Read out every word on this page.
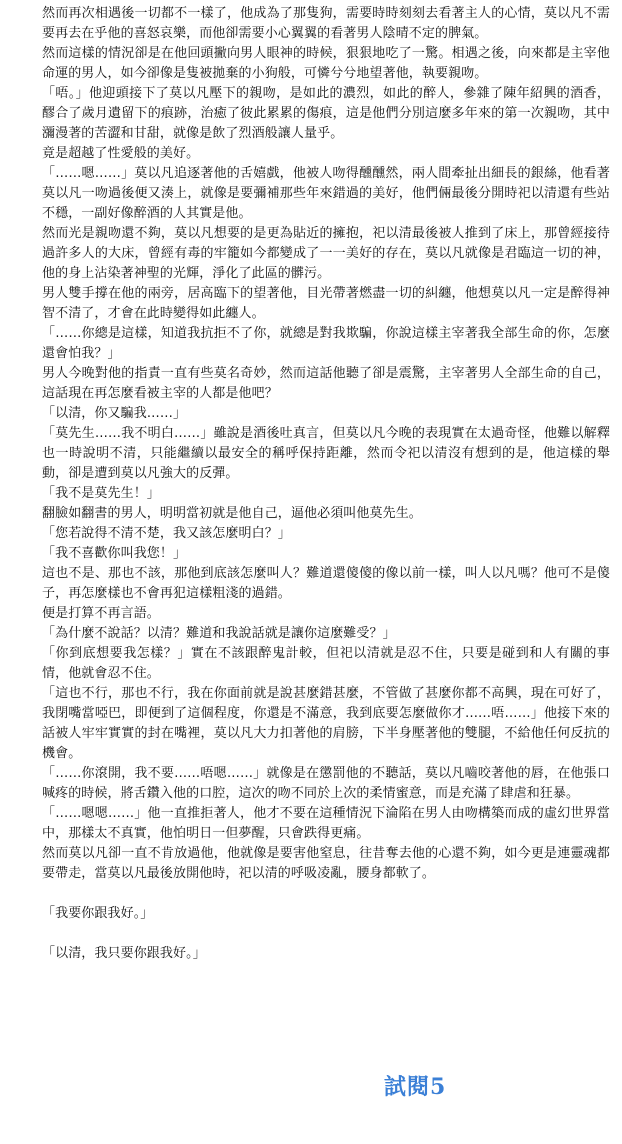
然而再次相遇後一切都不一樣了，他成為了那隻狗，需要時時刻刻去看著主人的心情，莫以凡不需要再去在乎他的喜怒哀樂，而他卻需要小心翼翼的看著男人陰晴不定的脾氣。

然而這樣的情況卻是在他回頭撇向男人眼神的時候，狠狠地吃了一驚。相遇之後，向來都是主宰他命運的男人，如今卻像是隻被拋棄的小狗般，可憐兮兮地望著他，執要親吻。

「唔。」他迎頭接下了莫以凡壓下的親吻，是如此的濃烈，如此的醉人，參雜了陳年紹興的酒香，醪合了歲月遺留下的痕跡，治癒了彼此累累的傷痕，這是他們分別這麼多年來的第一次親吻，其中瀰漫著的苦澀和甘甜，就像是飲了烈酒般讓人量乎。

竟是超越了性愛般的美好。

「……嗯……」莫以凡追逐著他的舌嬉戲，他被人吻得醺醺然，兩人間牽扯出細長的銀絲，他看著莫以凡一吻過後便又湊上，就像是要彌補那些年來錯過的美好，他們倆最後分開時祀以清還有些站不穩，一副好像醉酒的人其實是他。

然而光是親吻還不夠，莫以凡想要的是更為貼近的擁抱，祀以清最後被人推到了床上，那曾經接待過許多人的大床，曾經有毒的牢籠如今都變成了一一美好的存在，莫以凡就像是君臨這一切的神，他的身上沾染著神聖的光輝，淨化了此區的髒污。

男人雙手撐在他的兩旁，居高臨下的望著他，目光帶著燃盡一切的糾纏，他想莫以凡一定是醉得神智不清了，才會在此時變得如此纏人。

「……你總是這樣，知道我抗拒不了你，就總是對我欺騙，你說這樣主宰著我全部生命的你，怎麼還會怕我？」

男人今晚對他的指責一直有些莫名奇妙，然而這話他聽了卻是震驚，主宰著男人全部生命的自己，這話現在再怎麼看被主宰的人都是他吧？

「以清，你又騙我……」

「莫先生……我不明白……」雖說是酒後吐真言，但莫以凡今晚的表現實在太過奇怪，他難以解釋也一時說明不清，只能繼續以最安全的稱呼保持距離，然而令祀以清沒有想到的是，他這樣的舉動，卻是遭到莫以凡強大的反彈。

「我不是莫先生！」

翻臉如翻書的男人，明明當初就是他自己，逼他必須叫他莫先生。

「您若說得不清不楚，我又該怎麼明白？」

「我不喜歡你叫我您！」

這也不是、那也不該，那他到底該怎麼叫人？難道還傻傻的像以前一樣，叫人以凡嗎？他可不是傻子，再怎麼樣也不會再犯這樣粗淺的過錯。

便是打算不再言語。

「為什麼不說話？以清？難道和我說話就是讓你這麼難受？」

「你到底想要我怎樣？」實在不該跟醉鬼計較，但祀以清就是忍不住，只要是碰到和人有關的事情，他就會忍不住。

「這也不行，那也不行，我在你面前就是說甚麼錯甚麼，不管做了甚麼你都不高興，現在可好了，我閉嘴當啞巴，即便到了這個程度，你還是不滿意，我到底要怎麼做你才……唔……」他接下來的話被人牢牢實實的封在嘴裡，莫以凡大力扣著他的肩膀，下半身壓著他的雙腿，不給他任何反抗的機會。

「……你滾開，我不要……唔嗯……」就像是在懲罰他的不聽話，莫以凡嚙咬著他的唇，在他張口喊疼的時候，將舌鑽入他的口腔，這次的吻不同於上次的柔情蜜意，而是充滿了肆虐和狂暴。

「……嗯嗯……」他一直推拒著人，他才不要在這種情況下淪陷在男人由吻構築而成的虛幻世界當中，那樣太不真實，他怕明日一但夢醒，只會跌得更痛。

然而莫以凡卻一直不肯放過他，他就像是要害他窒息，往昔奪去他的心還不夠，如今更是連靈魂都要帶走，當莫以凡最後放開他時，祀以清的呼吸凌亂，腰身都軟了。

「我要你跟我好。」

「以清，我只要你跟我好。」

試閱5
